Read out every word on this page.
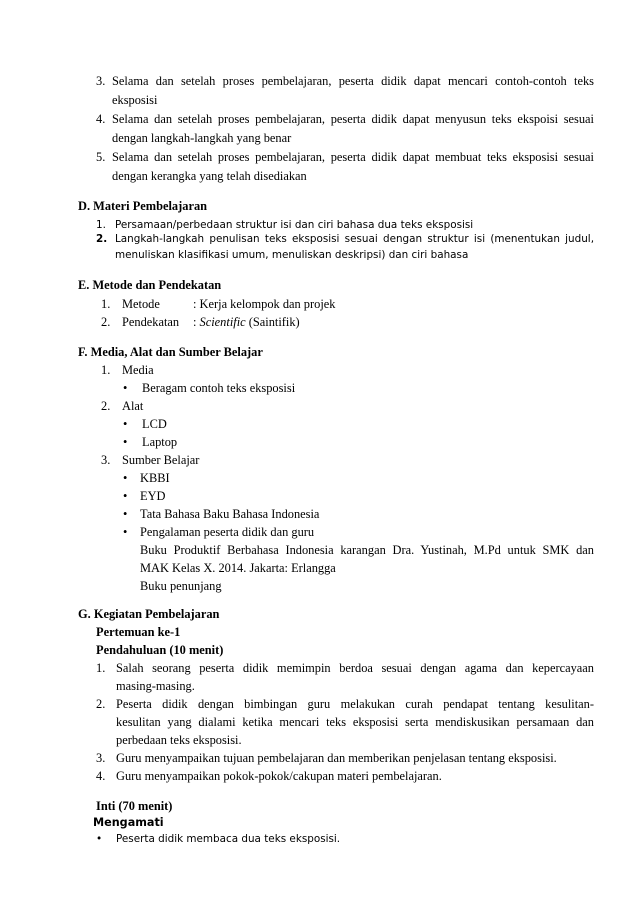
3. Selama dan setelah proses pembelajaran, peserta didik dapat mencari contoh-contoh teks
eksposisi
4. Selama dan setelah proses pembelajaran, peserta didik dapat menyusun teks ekspoisi sesuai
dengan langkah-langkah yang benar
5. Selama dan setelah proses pembelajaran, peserta didik dapat membuat teks eksposisi sesuai
dengan kerangka yang telah disediakan
D. Materi Pembelajaran
1. Persamaan/perbedaan struktur isi dan ciri bahasa dua teks eksposisi
2. Langkah-langkah penulisan teks eksposisi sesuai dengan struktur isi (menentukan judul,
menuliskan klasifikasi umum, menuliskan deskripsi) dan ciri bahasa
E. Metode dan Pendekatan
1. Metode	: Kerja kelompok dan projek
2. Pendekatan : Scientific (Saintifik)
F. Media, Alat dan Sumber Belajar
1. Media
•
Beragam contoh teks eksposisi
2. Alat
•
LCD
•
Laptop
3. Sumber Belajar
•
KBBI
•
EYD
•
Tata Bahasa Baku Bahasa Indonesia
•
Pengalaman peserta didik dan guru
Buku Produktif Berbahasa Indonesia karangan Dra. Yustinah, M.Pd untuk SMK dan
MAK Kelas X. 2014. Jakarta: Erlangga
Buku penunjang
G. Kegiatan Pembelajaran
Pertemuan ke-1
Pendahuluan (10 menit)
1. Salah seorang peserta didik memimpin berdoa sesuai dengan agama dan kepercayaan
masing-masing.
2. Peserta didik dengan bimbingan guru melakukan curah pendapat tentang kesulitan-
kesulitan yang dialami ketika mencari teks eksposisi serta mendiskusikan persamaan dan
perbedaan teks eksposisi.
3. Guru menyampaikan tujuan pembelajaran dan memberikan penjelasan tentang eksposisi.
4. Guru menyampaikan pokok-pokok/cakupan materi pembelajaran.
Inti (70 menit)
Mengamati
•
Peserta didik membaca dua teks eksposisi.
